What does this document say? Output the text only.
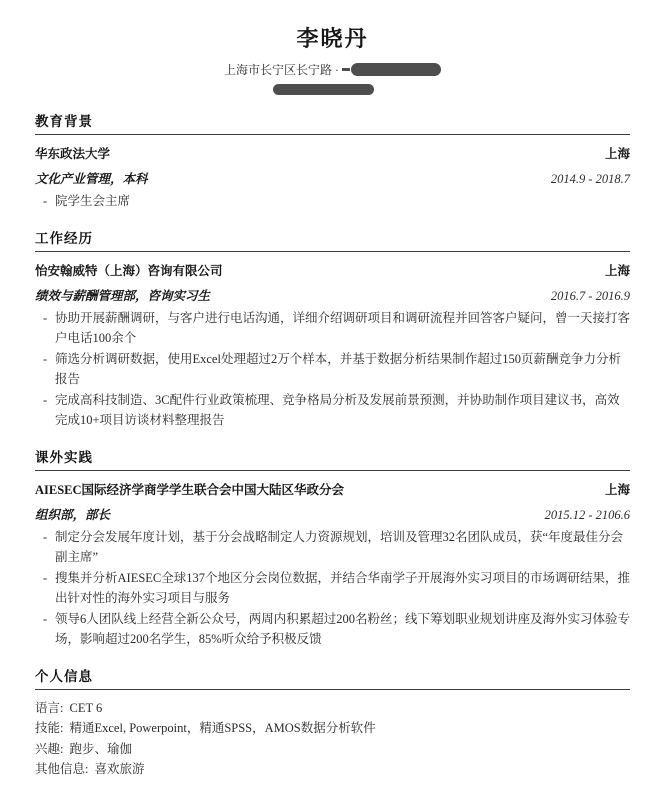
李晓丹
上海市长宁区长宁路 ·
教育背景
华东政法大学	上海
文化产业管理，本科	2014.9 - 2018.7
- 院学生会主席
工作经历
怡安翰威特（上海）咨询有限公司	上海
绩效与薪酬管理部，咨询实习生	2016.7 - 2016.9
- 协助开展薪酬调研，与客户进行电话沟通，详细介绍调研项目和调研流程并回答客户疑问，曾一天接打客户电话100余个
- 筛选分析调研数据，使用Excel处理超过2万个样本，并基于数据分析结果制作超过150页薪酬竞争力分析报告
- 完成高科技制造、3C配件行业政策梳理、竞争格局分析及发展前景预测，并协助制作项目建议书，高效完成10+项目访谈材料整理报告
课外实践
AIESEC国际经济学商学学生联合会中国大陆区华政分会	上海
组织部，部长	2015.12 - 2106.6
- 制定分会发展年度计划，基于分会战略制定人力资源规划，培训及管理32名团队成员，获“年度最佳分会副主席”
- 搜集并分析AIESEC全球137个地区分会岗位数据，并结合华南学子开展海外实习项目的市场调研结果，推出针对性的海外实习项目与服务
- 领导6人团队线上经营全新公众号，两周内积累超过200名粉丝；线下筹划职业规划讲座及海外实习体验专场，影响超过200名学生，85%听众给予积极反馈
个人信息
语言: CET 6
技能: 精通Excel, Powerpoint，精通SPSS，AMOS数据分析软件
兴趣: 跑步、瑜伽
其他信息: 喜欢旅游
